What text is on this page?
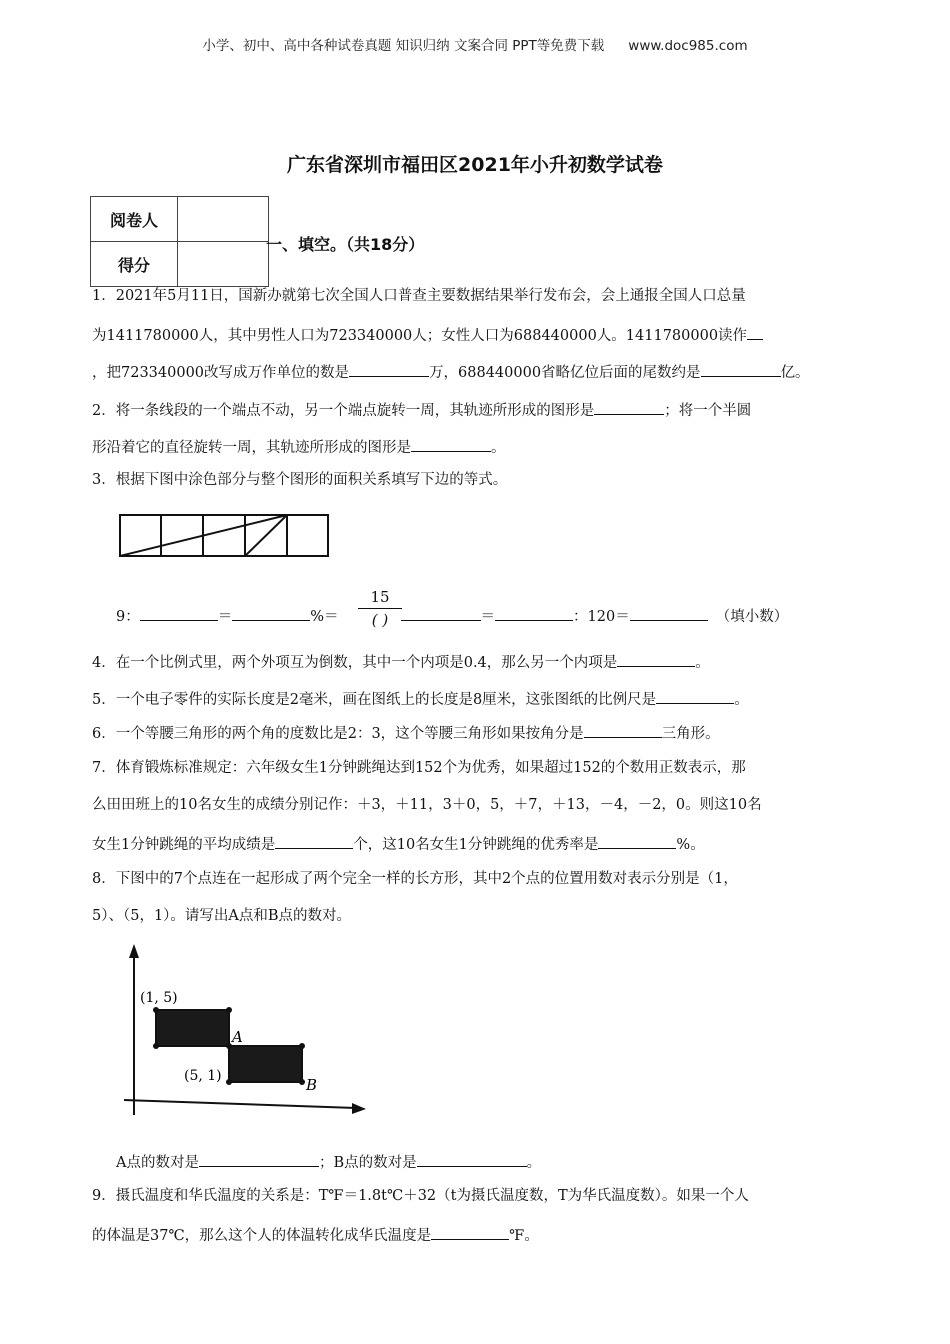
小学、初中、高中各种试卷真题 知识归纳 文案合同 PPT等免费下载 www.doc985.com
广东省深圳市福田区2021年小升初数学试卷
阅卷人	
得分	
一、填空。（共18分）
1．2021年5月11日，国新办就第七次全国人口普查主要数据结果举行发布会，会上通报全国人口总量
为1411780000人，其中男性人口为723340000人；女性人口为688440000人。1411780000读作
，把723340000改写成万作单位的数是	万，688440000省略亿位后面的尾数约是	亿。
2．将一条线段的一个端点不动，另一个端点旋转一周，其轨迹所形成的图形是	；将一个半圆
形沿着它的直径旋转一周，其轨迹所形成的图形是	。
3．根据下图中涂色部分与整个图形的面积关系填写下边的等式。
9：	＝	%＝	＝	：120＝	（填小数）
15
( )
4．在一个比例式里，两个外项互为倒数，其中一个内项是0.4，那么另一个内项是	。
5．一个电子零件的实际长度是2毫米，画在图纸上的长度是8厘米，这张图纸的比例尺是	。
6．一个等腰三角形的两个角的度数比是2：3，这个等腰三角形如果按角分是	三角形。
7．体育锻炼标准规定：六年级女生1分钟跳绳达到152个为优秀，如果超过152的个数用正数表示，那
么田田班上的10名女生的成绩分别记作：＋3，＋11，3＋0，5，＋7，＋13，－4，－2，0。则这10名
女生1分钟跳绳的平均成绩是	个，这10名女生1分钟跳绳的优秀率是	%。
8．下图中的7个点连在一起形成了两个完全一样的长方形，其中2个点的位置用数对表示分别是（1，
5）、（5，1）。请写出A点和B点的数对。
(1, 5)
(5, 1)
A
B
A点的数对是	；B点的数对是	。
9．摄氏温度和华氏温度的关系是：T℉＝1.8t℃＋32（t为摄氏温度数，T为华氏温度数）。如果一个人
的体温是37℃，那么这个人的体温转化成华氏温度是	℉。
